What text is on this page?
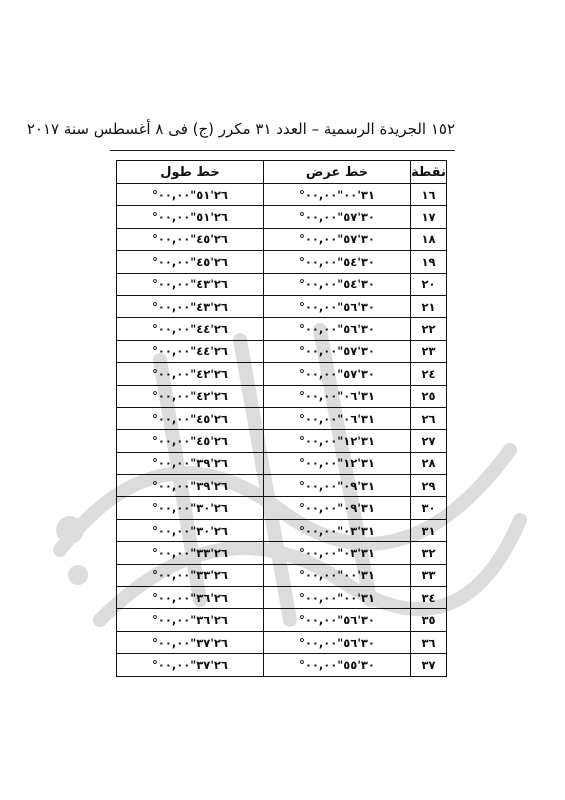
١٥٢ الجريدة الرسمية – العدد ٣١ مكرر (ج) فى ٨ أغسطس سنة ٢٠١٧
نقطة	خط عرض	خط طول
١٦	°٣١'٠٠"٠٠,٠٠	°٢٦'٥١"٠٠,٠٠
١٧	°٣٠'٥٧"٠٠,٠٠	°٢٦'٥١"٠٠,٠٠
١٨	°٣٠'٥٧"٠٠,٠٠	°٢٦'٤٥"٠٠,٠٠
١٩	°٣٠'٥٤"٠٠,٠٠	°٢٦'٤٥"٠٠,٠٠
٢٠	°٣٠'٥٤"٠٠,٠٠	°٢٦'٤٣"٠٠,٠٠
٢١	°٣٠'٥٦"٠٠,٠٠	°٢٦'٤٣"٠٠,٠٠
٢٢	°٣٠'٥٦"٠٠,٠٠	°٢٦'٤٤"٠٠,٠٠
٢٣	°٣٠'٥٧"٠٠,٠٠	°٢٦'٤٤"٠٠,٠٠
٢٤	°٣٠'٥٧"٠٠,٠٠	°٢٦'٤٢"٠٠,٠٠
٢٥	°٣١'٠٦"٠٠,٠٠	°٢٦'٤٢"٠٠,٠٠
٢٦	°٣١'٠٦"٠٠,٠٠	°٢٦'٤٥"٠٠,٠٠
٢٧	°٣١'١٢"٠٠,٠٠	°٢٦'٤٥"٠٠,٠٠
٢٨	°٣١'١٢"٠٠,٠٠	°٢٦'٣٩"٠٠,٠٠
٢٩	°٣١'٠٩"٠٠,٠٠	°٢٦'٣٩"٠٠,٠٠
٣٠	°٣١'٠٩"٠٠,٠٠	°٢٦'٣٠"٠٠,٠٠
٣١	°٣١'٠٣"٠٠,٠٠	°٢٦'٣٠"٠٠,٠٠
٣٢	°٣١'٠٣"٠٠,٠٠	°٢٦'٣٣"٠٠,٠٠
٣٣	°٣١'٠٠"٠٠,٠٠	°٢٦'٣٣"٠٠,٠٠
٣٤	°٣١'٠٠"٠٠,٠٠	°٢٦'٣٦"٠٠,٠٠
٣٥	°٣٠'٥٦"٠٠,٠٠	°٢٦'٣٦"٠٠,٠٠
٣٦	°٣٠'٥٦"٠٠,٠٠	°٢٦'٣٧"٠٠,٠٠
٣٧	°٣٠'٥٥"٠٠,٠٠	°٢٦'٣٧"٠٠,٠٠
